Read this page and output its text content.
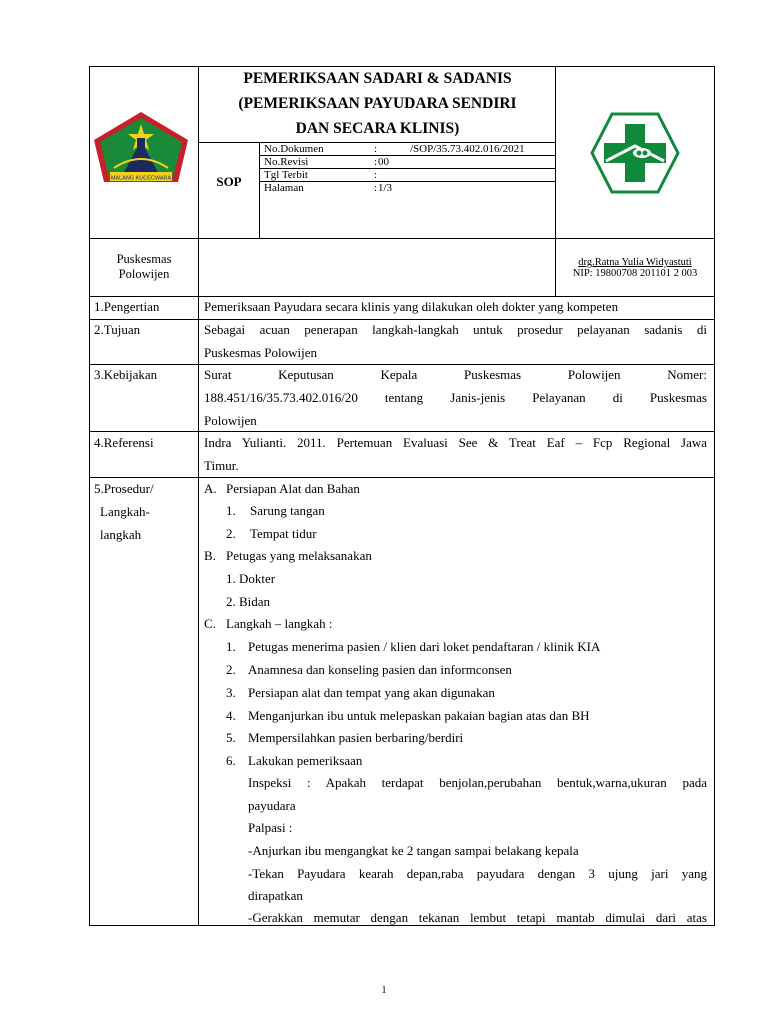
MALANG KUCECWARA
PEMERIKSAAN SADARI & SADANIS
(PEMERIKSAAN PAYUDARA SENDIRI
DAN SECARA KLINIS)
SOP
No.Dokumen	:	/SOP/35.73.402.016/2021
No.Revisi	: 00
Tgl Terbit	:
Halaman	: 1/3
Puskesmas
Polowijen
drg.Ratna Yulia Widyastuti
NIP: 19800708 201101 2 003
1.Pengertian	Pemeriksaan Payudara secara klinis yang dilakukan oleh dokter yang kompeten
2.Tujuan	Sebagai acuan penerapan langkah-langkah untuk prosedur pelayanan sadanis di
Puskesmas Polowijen
3.Kebijakan	Surat Keputusan Kepala Puskesmas Polowijen Nomer:
188.451/16/35.73.402.016/20 tentang Janis-jenis Pelayanan di Puskesmas
Polowijen
4.Referensi	Indra Yulianti. 2011. Pertemuan Evaluasi See & Treat Eaf – Fcp Regional Jawa
Timur.
5.Prosedur/
Langkah-
langkah
A. Persiapan Alat dan Bahan
1. Sarung tangan
2. Tempat tidur
B. Petugas yang melaksanakan
1. Dokter
2. Bidan
C. Langkah – langkah :
1. Petugas menerima pasien / klien dari loket pendaftaran / klinik KIA
2. Anamnesa dan konseling pasien dan informconsen
3. Persiapan alat dan tempat yang akan digunakan
4. Menganjurkan ibu untuk melepaskan pakaian bagian atas dan BH
5. Mempersilahkan pasien berbaring/berdiri
6. Lakukan pemeriksaan
Inspeksi : Apakah terdapat benjolan,perubahan bentuk,warna,ukuran pada
payudara
Palpasi :
-Anjurkan ibu mengangkat ke 2 tangan sampai belakang kepala
-Tekan Payudara kearah depan,raba payudara dengan 3 ujung jari yang
dirapatkan
-Gerakkan memutar dengan tekanan lembut tetapi mantab dimulai dari atas
1
